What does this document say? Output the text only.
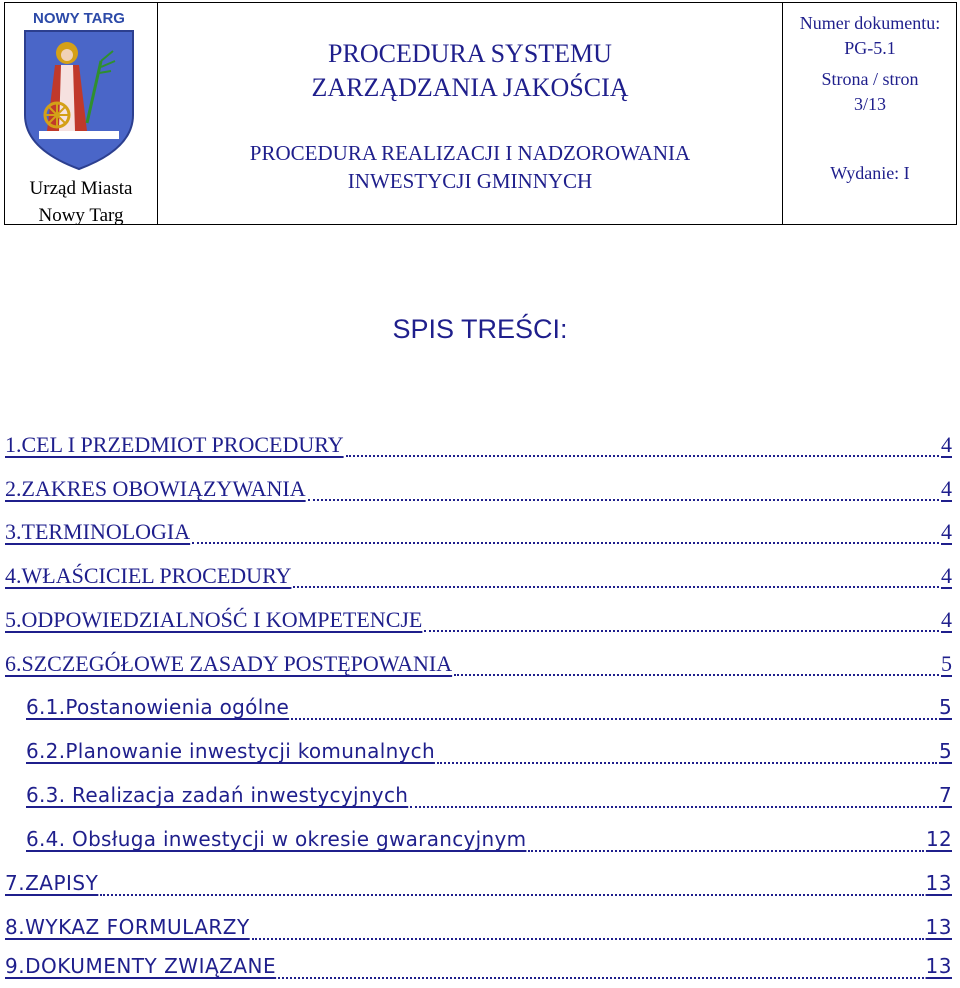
NOWY TARG
Urząd Miasta
Nowy Targ
PROCEDURA SYSTEMU
ZARZĄDZANIA JAKOŚCIĄ
PROCEDURA REALIZACJI I NADZOROWANIA
INWESTYCJI GMINNYCH
Numer dokumentu:
PG-5.1
Strona / stron
3/13
Wydanie: I
SPIS TREŚCI:
1.CEL I PRZEDMIOT PROCEDURY	4
2.ZAKRES OBOWIĄZYWANIA	4
3.TERMINOLOGIA	4
4.WŁAŚCICIEL PROCEDURY	4
5.ODPOWIEDZIALNOŚĆ I KOMPETENCJE	4
6.SZCZEGÓŁOWE ZASADY POSTĘPOWANIA	5
6.1.Postanowienia ogólne	5
6.2.Planowanie inwestycji komunalnych	5
6.3. Realizacja zadań inwestycyjnych	7
6.4. Obsługa inwestycji w okresie gwarancyjnym	12
7.ZAPISY	13
8.WYKAZ FORMULARZY	13
9.DOKUMENTY ZWIĄZANE	13
